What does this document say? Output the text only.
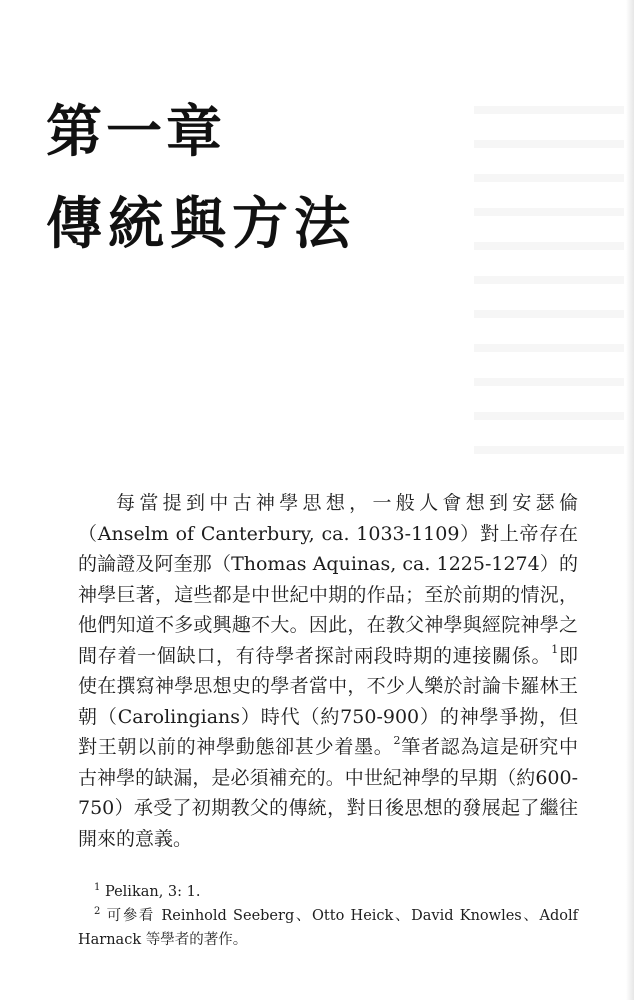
第一章
傳統與方法

每當提到中古神學思想，一般人會想到安瑟倫（Anselm of Canterbury, ca. 1033-1109）對上帝存在的論證及阿奎那（Thomas Aquinas, ca. 1225-1274）的神學巨著，這些都是中世紀中期的作品；至於前期的情況，他們知道不多或興趣不大。因此，在教父神學與經院神學之間存着一個缺口，有待學者探討兩段時期的連接關係。$^1$即使在撰寫神學思想史的學者當中，不少人樂於討論卡羅林王朝（Carolingians）時代（約750-900）的神學爭拗，但對王朝以前的神學動態卻甚少着墨。$^2$筆者認為這是研究中古神學的缺漏，是必須補充的。中世紀神學的早期（約600-750）承受了初期教父的傳統，對日後思想的發展起了繼往開來的意義。

$^1$ Pelikan, 3: 1.

$^2$ 可參看 Reinhold Seeberg、Otto Heick、David Knowles、Adolf Harnack 等學者的著作。
